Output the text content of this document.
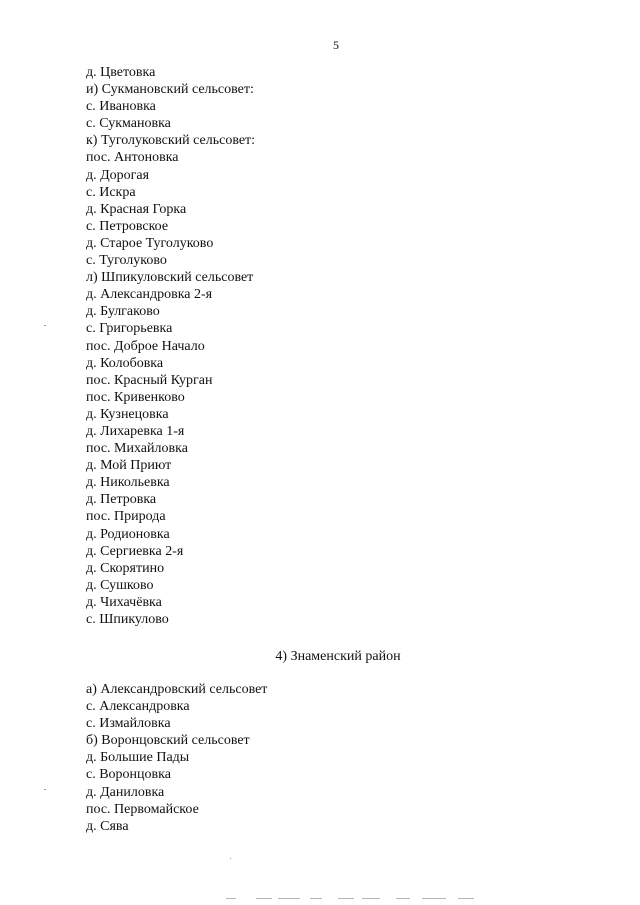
5
д. Цветовка
и) Сукмановский сельсовет:
с. Ивановка
с. Сукмановка
к) Туголуковский сельсовет:
пос. Антоновка
д. Дорогая
с. Искра
д. Красная Горка
с. Петровское
д. Старое Туголуково
с. Туголуково
л) Шпикуловский сельсовет
д. Александровка 2-я
д. Булгаково
с. Григорьевка
пос. Доброе Начало
д. Колобовка
пос. Красный Курган
пос. Кривенково
д. Кузнецовка
д. Лихаревка 1-я
пос. Михайловка
д. Мой Приют
д. Никольевка
д. Петровка
пос. Природа
д. Родионовка
д. Сергиевка 2-я
д. Скорятино
д. Сушково
д. Чихачёвка
с. Шпикулово
4) Знаменский район
а) Александровский сельсовет
с. Александровка
с. Измайловка
б) Воронцовский сельсовет
д. Большие Пады
с. Воронцовка
д. Даниловка
пос. Первомайское
д. Сява
